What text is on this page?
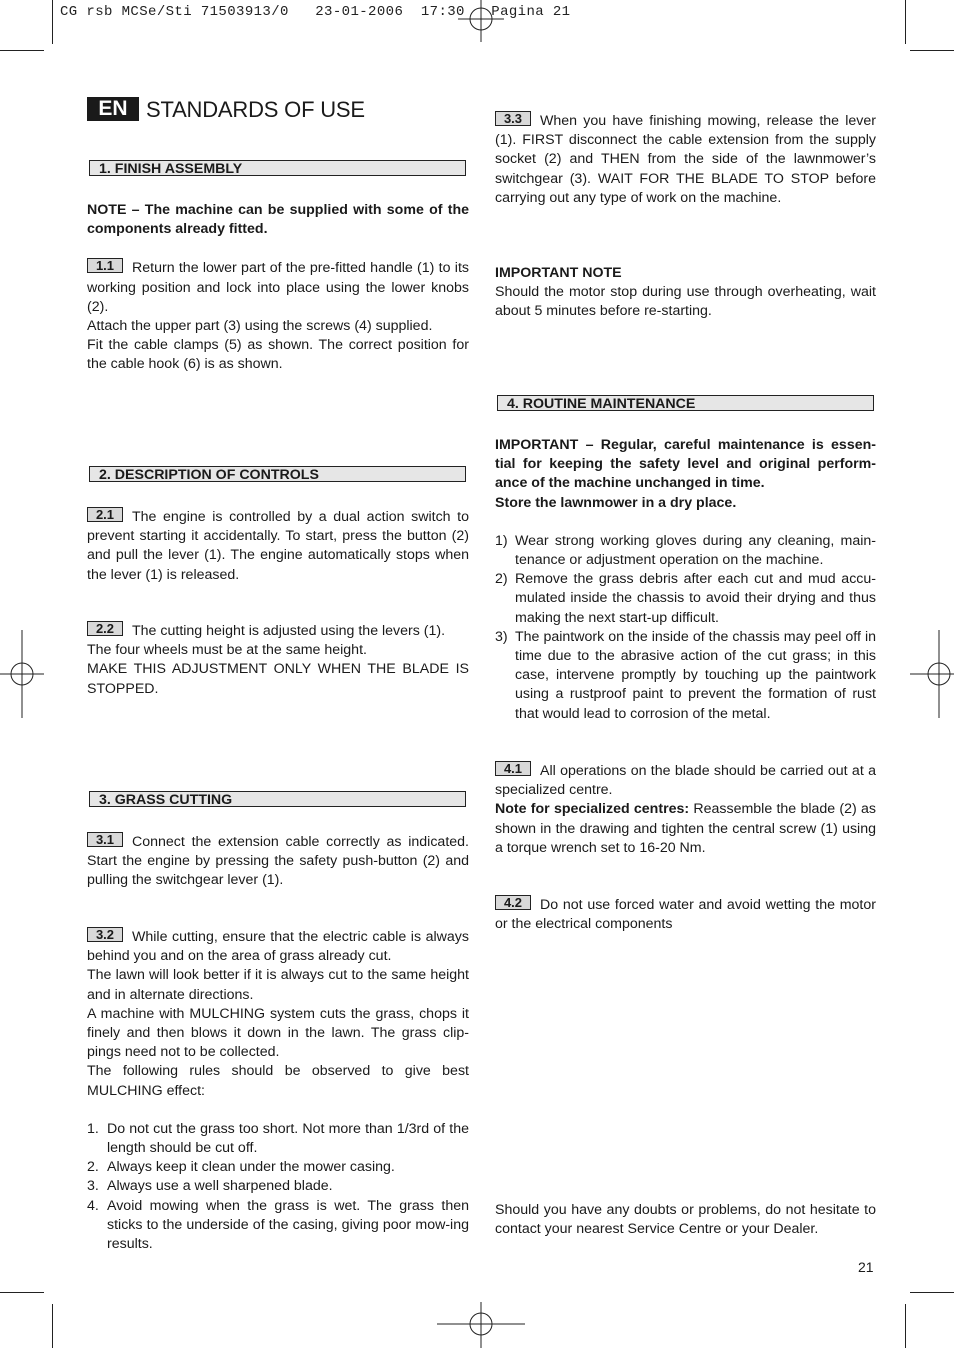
CG rsb MCSe/Sti 71503913/0   23-01-2006  17:30   Pagina 21
EN STANDARDS OF USE
1. FINISH ASSEMBLY

NOTE – The machine can be supplied with some of the components already fitted.

1.1 Return the lower part of the pre-fitted handle (1) to its working position and lock into place using the lower knobs (2).

Attach the upper part (3) using the screws (4) supplied.

Fit the cable clamps (5) as shown. The correct position for the cable hook (6) is as shown.

2. DESCRIPTION OF CONTROLS

2.1 The engine is controlled by a dual action switch to prevent starting it accidentally. To start, press the button (2) and pull the lever (1). The engine automatically stops when the lever (1) is released.

2.2 The cutting height is adjusted using the levers (1).

The four wheels must be at the same height.

MAKE THIS ADJUSTMENT ONLY WHEN THE BLADE IS STOPPED.

3. GRASS CUTTING

3.1 Connect the extension cable correctly as indicated. Start the engine by pressing the safety push-button (2) and pulling the switchgear lever (1).

3.2 While cutting, ensure that the electric cable is always behind you and on the area of grass already cut.

The lawn will look better if it is always cut to the same height and in alternate directions.

A machine with MULCHING system cuts the grass, chops it finely and then blows it down in the lawn. The grass clip-pings need not to be collected.

The following rules should be observed to give best MULCHING effect:

1. Do not cut the grass too short. Not more than 1/3rd of the length should be cut off.
2. Always keep it clean under the mower casing.
3. Always use a well sharpened blade.
4. Avoid mowing when the grass is wet. The grass then sticks to the underside of the casing, giving poor mow-ing results.

3.3 When you have finishing mowing, release the lever (1). FIRST disconnect the cable extension from the supply socket (2) and THEN from the side of the lawnmower’s switchgear (3). WAIT FOR THE BLADE TO STOP before carrying out any type of work on the machine.

IMPORTANT NOTE

Should the motor stop during use through overheating, wait about 5 minutes before re-starting.

4. ROUTINE MAINTENANCE

IMPORTANT – Regular, careful maintenance is essen-tial for keeping the safety level and original perform-ance of the machine unchanged in time.

Store the lawnmower in a dry place.

1) Wear strong working gloves during any cleaning, main-tenance or adjustment operation on the machine.
2) Remove the grass debris after each cut and mud accu-mulated inside the chassis to avoid their drying and thus making the next start-up difficult.
3) The paintwork on the inside of the chassis may peel off in time due to the abrasive action of the cut grass; in this case, intervene promptly by touching up the paintwork using a rustproof paint to prevent the formation of rust that would lead to corrosion of the metal.

4.1 All operations on the blade should be carried out at a specialized centre.

Note for specialized centres: Reassemble the blade (2) as shown in the drawing and tighten the central screw (1) using a torque wrench set to 16-20 Nm.

4.2 Do not use forced water and avoid wetting the motor or the electrical components

Should you have any doubts or problems, do not hesitate to contact your nearest Service Centre or your Dealer.

21
